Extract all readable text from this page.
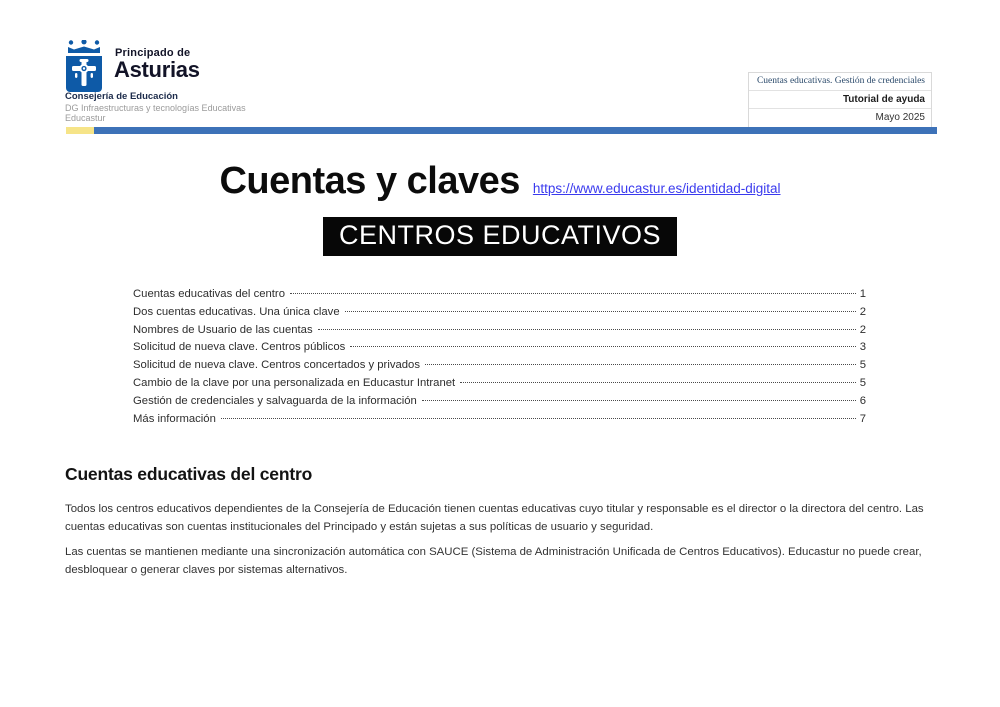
Principado de
Asturias
Consejería de Educación
DG Infraestructuras y tecnologías Educativas
Educastur
Cuentas educativas. Gestión de credenciales
Tutorial de ayuda
Mayo 2025
Cuentas y claves https://www.educastur.es/identidad-digital
CENTROS EDUCATIVOS
Cuentas educativas del centro	1
Dos cuentas educativas. Una única clave	2
Nombres de Usuario de las cuentas	2
Solicitud de nueva clave. Centros públicos	3
Solicitud de nueva clave. Centros concertados y privados	5
Cambio de la clave por una personalizada en Educastur Intranet	5
Gestión de credenciales y salvaguarda de la información	6
Más información	7
Cuentas educativas del centro
Todos los centros educativos dependientes de la Consejería de Educación tienen cuentas educativas cuyo titular y responsable es el director o la directora del centro. Las cuentas educativas son cuentas institucionales del Principado y están sujetas a sus políticas de usuario y seguridad.
Las cuentas se mantienen mediante una sincronización automática con SAUCE (Sistema de Administración Unificada de Centros Educativos). Educastur no puede crear, desbloquear o generar claves por sistemas alternativos.
